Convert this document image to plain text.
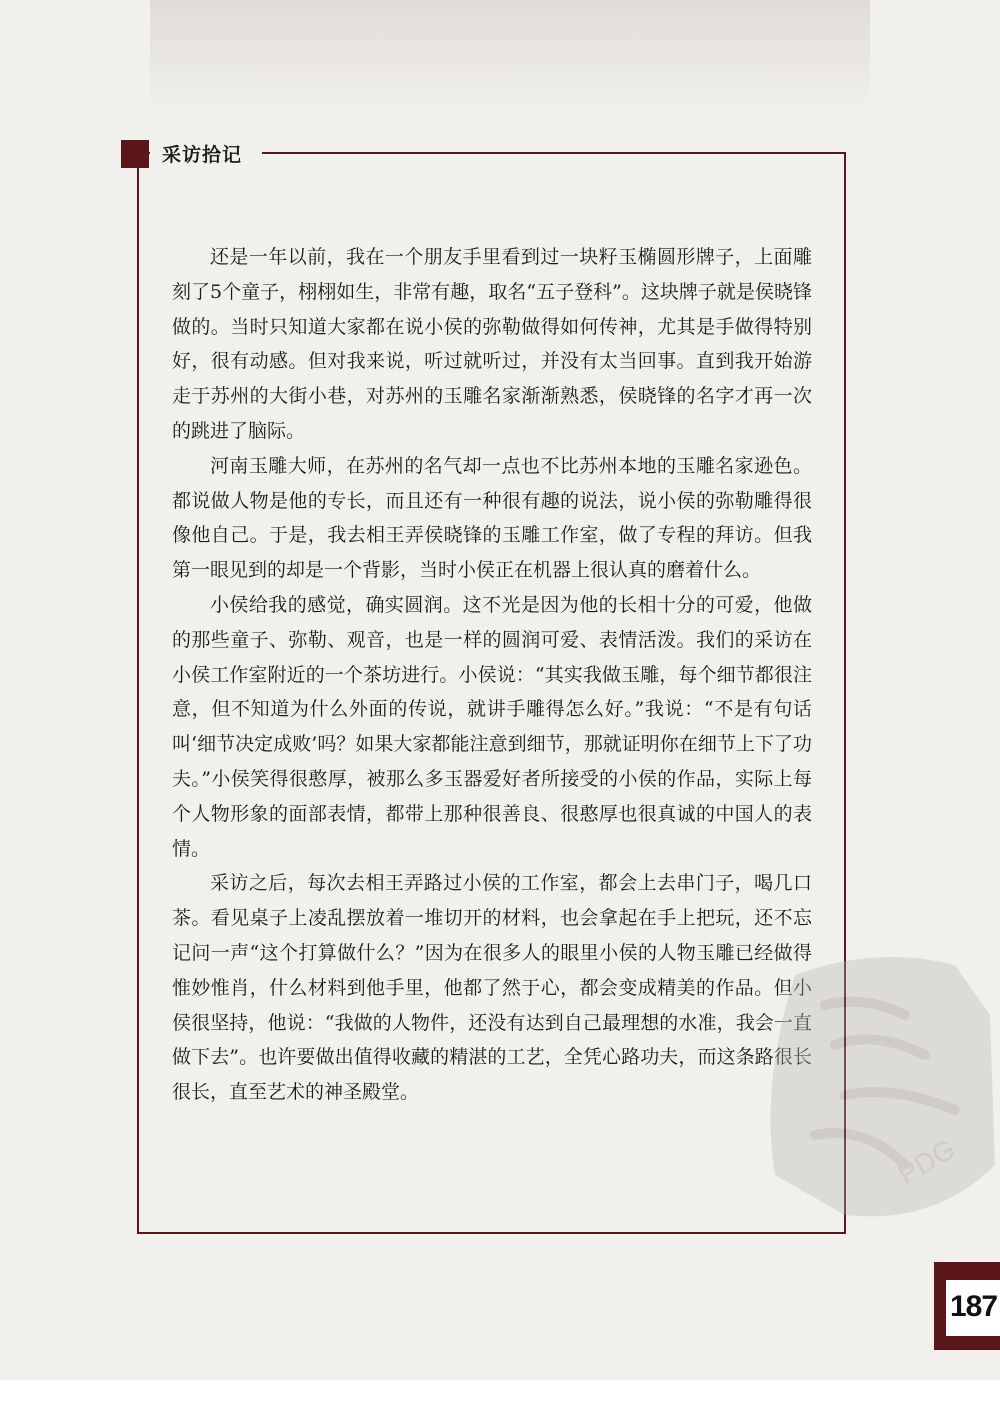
采访拾记

还是一年以前，我在一个朋友手里看到过一块籽玉椭圆形牌子，上面雕刻了5个童子，栩栩如生，非常有趣，取名“五子登科”。这块牌子就是侯晓锋做的。当时只知道大家都在说小侯的弥勒做得如何传神，尤其是手做得特别好，很有动感。但对我来说，听过就听过，并没有太当回事。直到我开始游走于苏州的大街小巷，对苏州的玉雕名家渐渐熟悉，侯晓锋的名字才再一次的跳进了脑际。

河南玉雕大师，在苏州的名气却一点也不比苏州本地的玉雕名家逊色。都说做人物是他的专长，而且还有一种很有趣的说法，说小侯的弥勒雕得很像他自己。于是，我去相王弄侯晓锋的玉雕工作室，做了专程的拜访。但我第一眼见到的却是一个背影，当时小侯正在机器上很认真的磨着什么。

小侯给我的感觉，确实圆润。这不光是因为他的长相十分的可爱，他做的那些童子、弥勒、观音，也是一样的圆润可爱、表情活泼。我们的采访在小侯工作室附近的一个茶坊进行。小侯说：“其实我做玉雕，每个细节都很注意，但不知道为什么外面的传说，就讲手雕得怎么好。”我说：“不是有句话叫‘细节决定成败’吗？如果大家都能注意到细节，那就证明你在细节上下了功夫。”小侯笑得很憨厚，被那么多玉器爱好者所接受的小侯的作品，实际上每个人物形象的面部表情，都带上那种很善良、很憨厚也很真诚的中国人的表情。

采访之后，每次去相王弄路过小侯的工作室，都会上去串门子，喝几口茶。看见桌子上凌乱摆放着一堆切开的材料，也会拿起在手上把玩，还不忘记问一声“这个打算做什么？”因为在很多人的眼里小侯的人物玉雕已经做得惟妙惟肖，什么材料到他手里，他都了然于心，都会变成精美的作品。但小侯很坚持，他说：“我做的人物件，还没有达到自己最理想的水准，我会一直做下去”。也许要做出值得收藏的精湛的工艺，全凭心路功夫，而这条路很长很长，直至艺术的神圣殿堂。

PDG
187
